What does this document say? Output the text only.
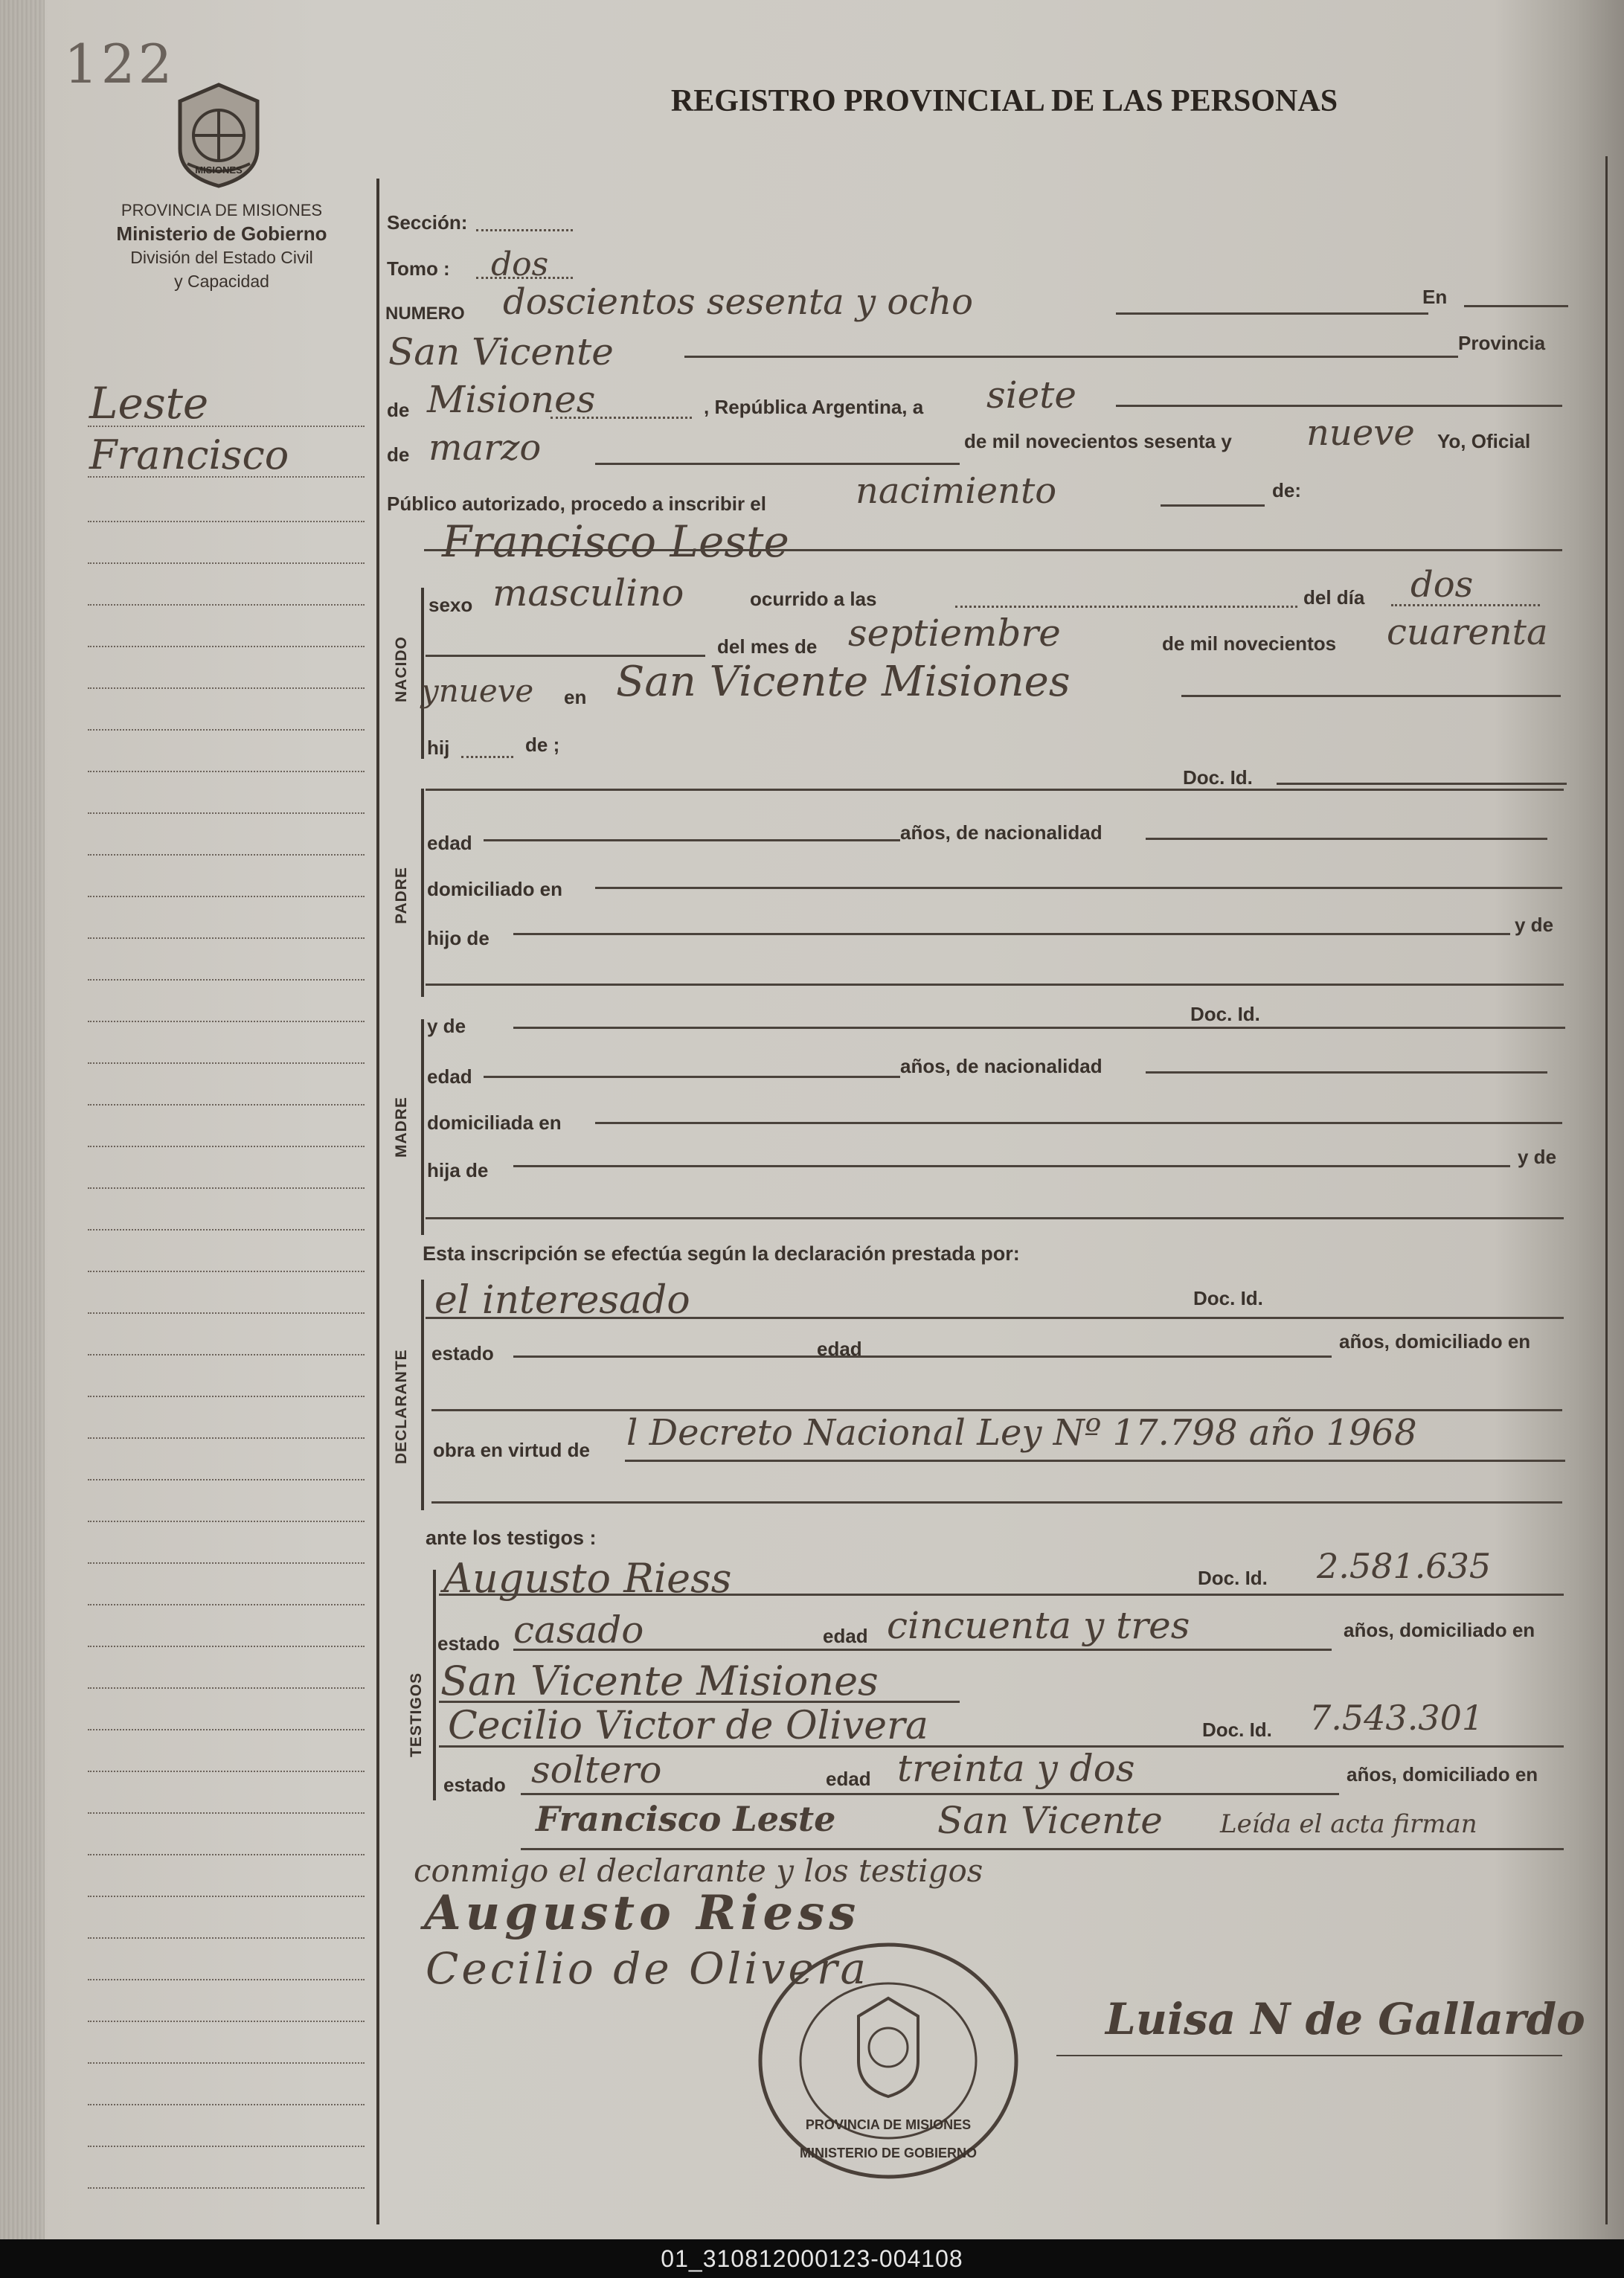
122
MISIONES
PROVINCIA DE MISIONES
Ministerio de Gobierno
División del Estado Civil
y Capacidad
REGISTRO PROVINCIAL DE LAS PERSONAS
Leste
Francisco
Sección:
Tomo : dos
NUMERO doscientos sesenta y ocho	En
San Vicente	Provincia
de Misiones	, República Argentina, a siete
de marzo	de mil novecientos sesenta y nueve Yo, Oficial
Público autorizado, procedo a inscribir el	nacimiento	de:
NACIDO
Francisco Leste
sexo masculino	ocurrido a las	del día dos
del mes de septiembre	de mil novecientos cuarenta
ynueve en San Vicente Misiones
hij	de ;
PADRE
Doc. Id.
edad	años, de nacionalidad
domiciliado en
hijo de
y de
MADRE
y de
Doc. Id.
edad	años, de nacionalidad
domiciliada en
hija de
y de
Esta inscripción se efectúa según la declaración prestada por:
DECLARANTE
el interesado	Doc. Id.
estado	edad	años, domiciliado en
obra en virtud de l Decreto Nacional Ley Nº 17.798 año 1968
ante los testigos :
TESTIGOS
Augusto Riess	Doc. Id. 2.581.635
estado casado	edad cincuenta y tres	años, domiciliado en
San Vicente Misiones
Cecilio Victor de Olivera	Doc. Id. 7.543.301
estado soltero	edad treinta y dos	años, domiciliado en
Francisco Leste	San Vicente Leída el acta firman
conmigo el declarante y los testigos
Augusto Riess
Cecilio de Olivera
PROVINCIA DE MISIONES
MINISTERIO DE GOBIERNO
Luisa N de Gallardo
01_310812000123-004108
